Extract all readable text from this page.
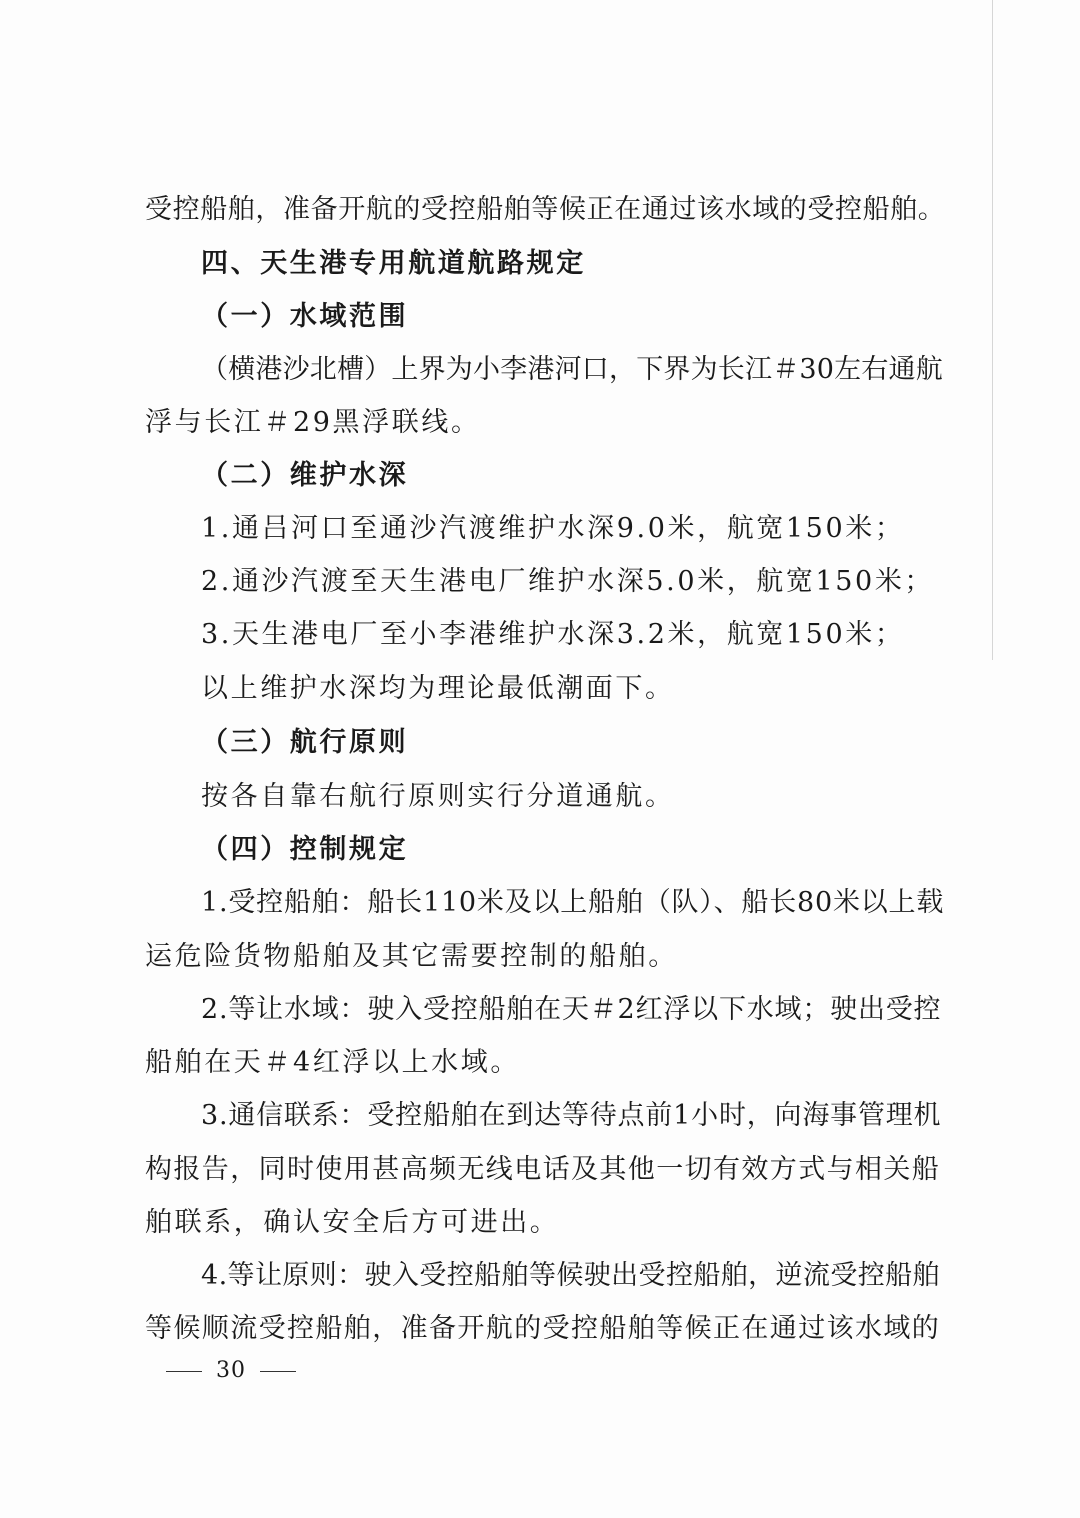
受控船舶，准备开航的受控船舶等候正在通过该水域的受控船舶。
四、天生港专用航道航路规定
（一）水域范围
（横港沙北槽）上界为小李港河口，下界为长江＃30左右通航
浮与长江＃29黑浮联线。
（二）维护水深
1.通吕河口至通沙汽渡维护水深9.0米，航宽150米；
2.通沙汽渡至天生港电厂维护水深5.0米，航宽150米；
3.天生港电厂至小李港维护水深3.2米，航宽150米；
以上维护水深均为理论最低潮面下。
（三）航行原则
按各自靠右航行原则实行分道通航。
（四）控制规定
1.受控船舶：船长110米及以上船舶（队）、船长80米以上载
运危险货物船舶及其它需要控制的船舶。
2.等让水域：驶入受控船舶在天＃2红浮以下水域；驶出受控
船舶在天＃4红浮以上水域。
3.通信联系：受控船舶在到达等待点前1小时，向海事管理机
构报告，同时使用甚高频无线电话及其他一切有效方式与相关船
舶联系，确认安全后方可进出。
4.等让原则：驶入受控船舶等候驶出受控船舶，逆流受控船舶
等候顺流受控船舶，准备开航的受控船舶等候正在通过该水域的
30
